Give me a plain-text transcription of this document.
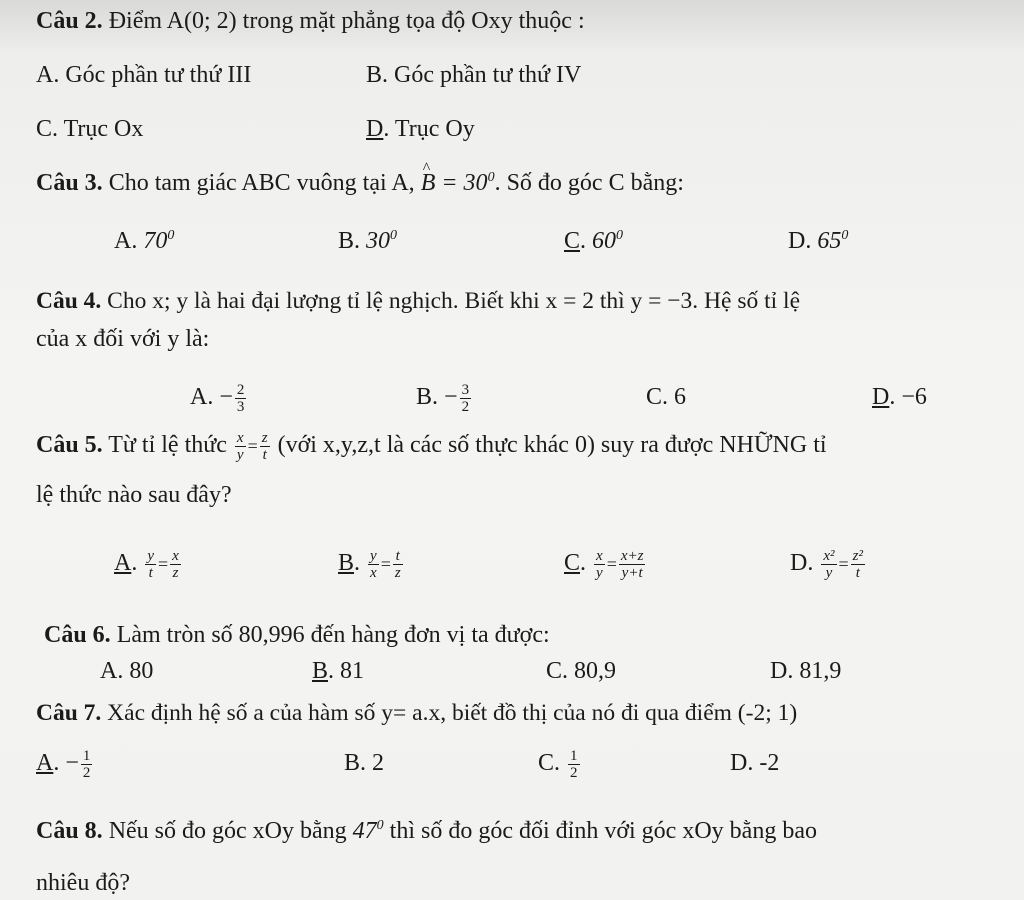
Câu 2. Điểm A(0; 2) trong mặt phẳng tọa độ Oxy thuộc :
A. Góc phần tư thứ III	B. Góc phần tư thứ IV
C. Trục Ox	D. Trục Oy
Câu 3. Cho tam giác ABC vuông tại A, ^ $B = 30^0$. Số đo góc C bằng:
A. $70^0$	B. $30^0$	C. $60^0$	D. $65^0$
Câu 4. Cho x; y là hai đại lượng tỉ lệ nghịch. Biết khi x = 2 thì y = −3. Hệ số tỉ lệ
của x đối với y là:
A. − $\frac{2}{3}$	B. − $\frac{3}{2}$	C. 6	D. −6
Câu 5. Từ tỉ lệ thức $\frac{x}{y} = \frac{z}{t}$ (với x,y,z,t là các số thực khác 0) suy ra được NHỮNG tỉ
lệ thức nào sau đây?
A. $\frac{y}{t} = \frac{x}{z}$	B. $\frac{y}{x} = \frac{t}{z}$	C. $\frac{x}{y} = \frac{x+z}{y+t}$	D. $\frac{\text{x²}}{y} = \frac{\text{z²}}{t}$
Câu 6. Làm tròn số 80,996 đến hàng đơn vị ta được:
A. 80	B. 81	C. 80,9	D. 81,9
Câu 7. Xác định hệ số a của hàm số y= a.x, biết đồ thị của nó đi qua điểm (-2; 1)
A. − $\frac{1}{2}$	B. 2	C. $\frac{1}{2}$	D. -2
Câu 8. Nếu số đo góc xOy bằng $47^0$ thì số đo góc đối đỉnh với góc xOy bằng bao
nhiêu độ?
